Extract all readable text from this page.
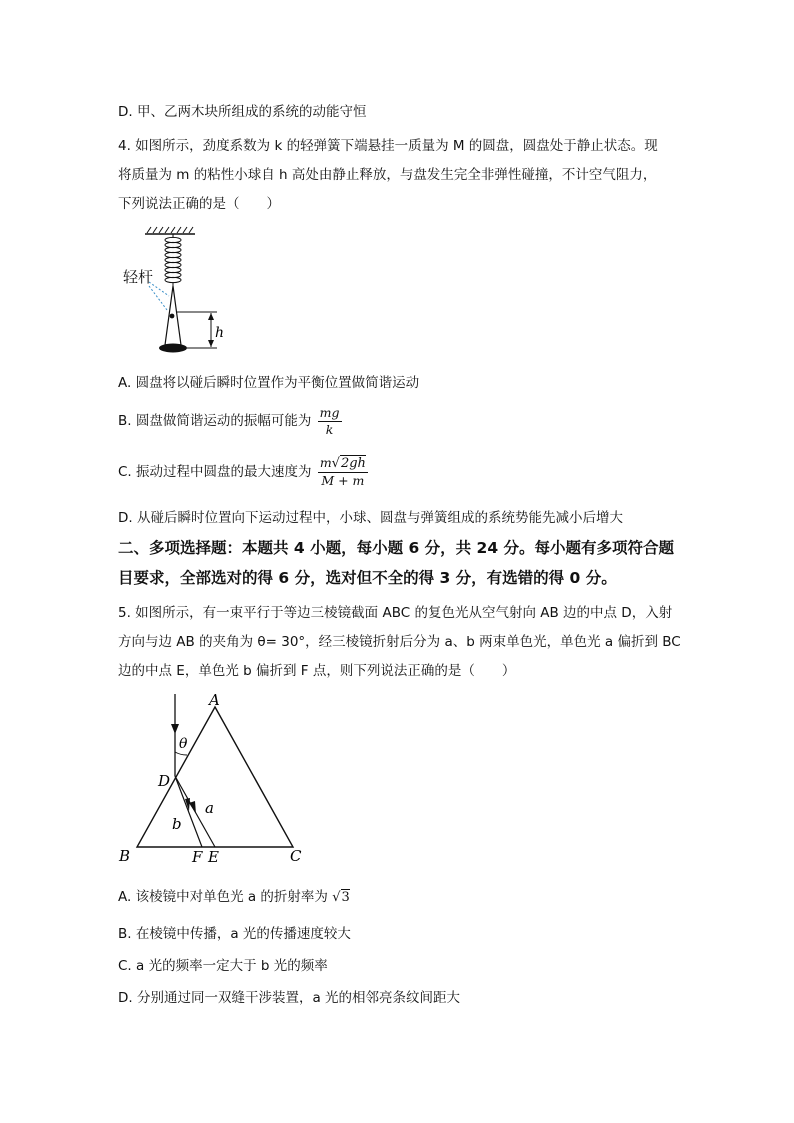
D. 甲、乙两木块所组成的系统的动能守恒
4. 如图所示，劲度系数为 k 的轻弹簧下端悬挂一质量为 M 的圆盘，圆盘处于静止状态。现
将质量为 m 的粘性小球自 h 高处由静止释放，与盘发生完全非弹性碰撞，不计空气阻力，
下列说法正确的是（　　）
h
轻杆
A. 圆盘将以碰后瞬时位置作为平衡位置做简谐运动
B. 圆盘做简谐运动的振幅可能为 $\frac{mg}{k}$
C. 振动过程中圆盘的最大速度为 $\frac{m√2gh}{M + m}$
D. 从碰后瞬时位置向下运动过程中，小球、圆盘与弹簧组成的系统势能先减小后增大
二、多项选择题：本题共 4 小题，每小题 6 分，共 24 分。每小题有多项符合题
目要求，全部选对的得 6 分，选对但不全的得 3 分，有选错的得 0 分。
5. 如图所示，有一束平行于等边三棱镜截面 ABC 的复色光从空气射向 AB 边的中点 D，入射
方向与边 AB 的夹角为 θ= 30°，经三棱镜折射后分为 a、b 两束单色光，单色光 a 偏折到 BC
边的中点 E，单色光 b 偏折到 F 点，则下列说法正确的是（　　）
A
B	C
D
E
F
θ
a
b
A. 该棱镜中对单色光 a 的折射率为 √3
B. 在棱镜中传播，a 光的传播速度较大
C. a 光的频率一定大于 b 光的频率
D. 分别通过同一双缝干涉装置，a 光的相邻亮条纹间距大
